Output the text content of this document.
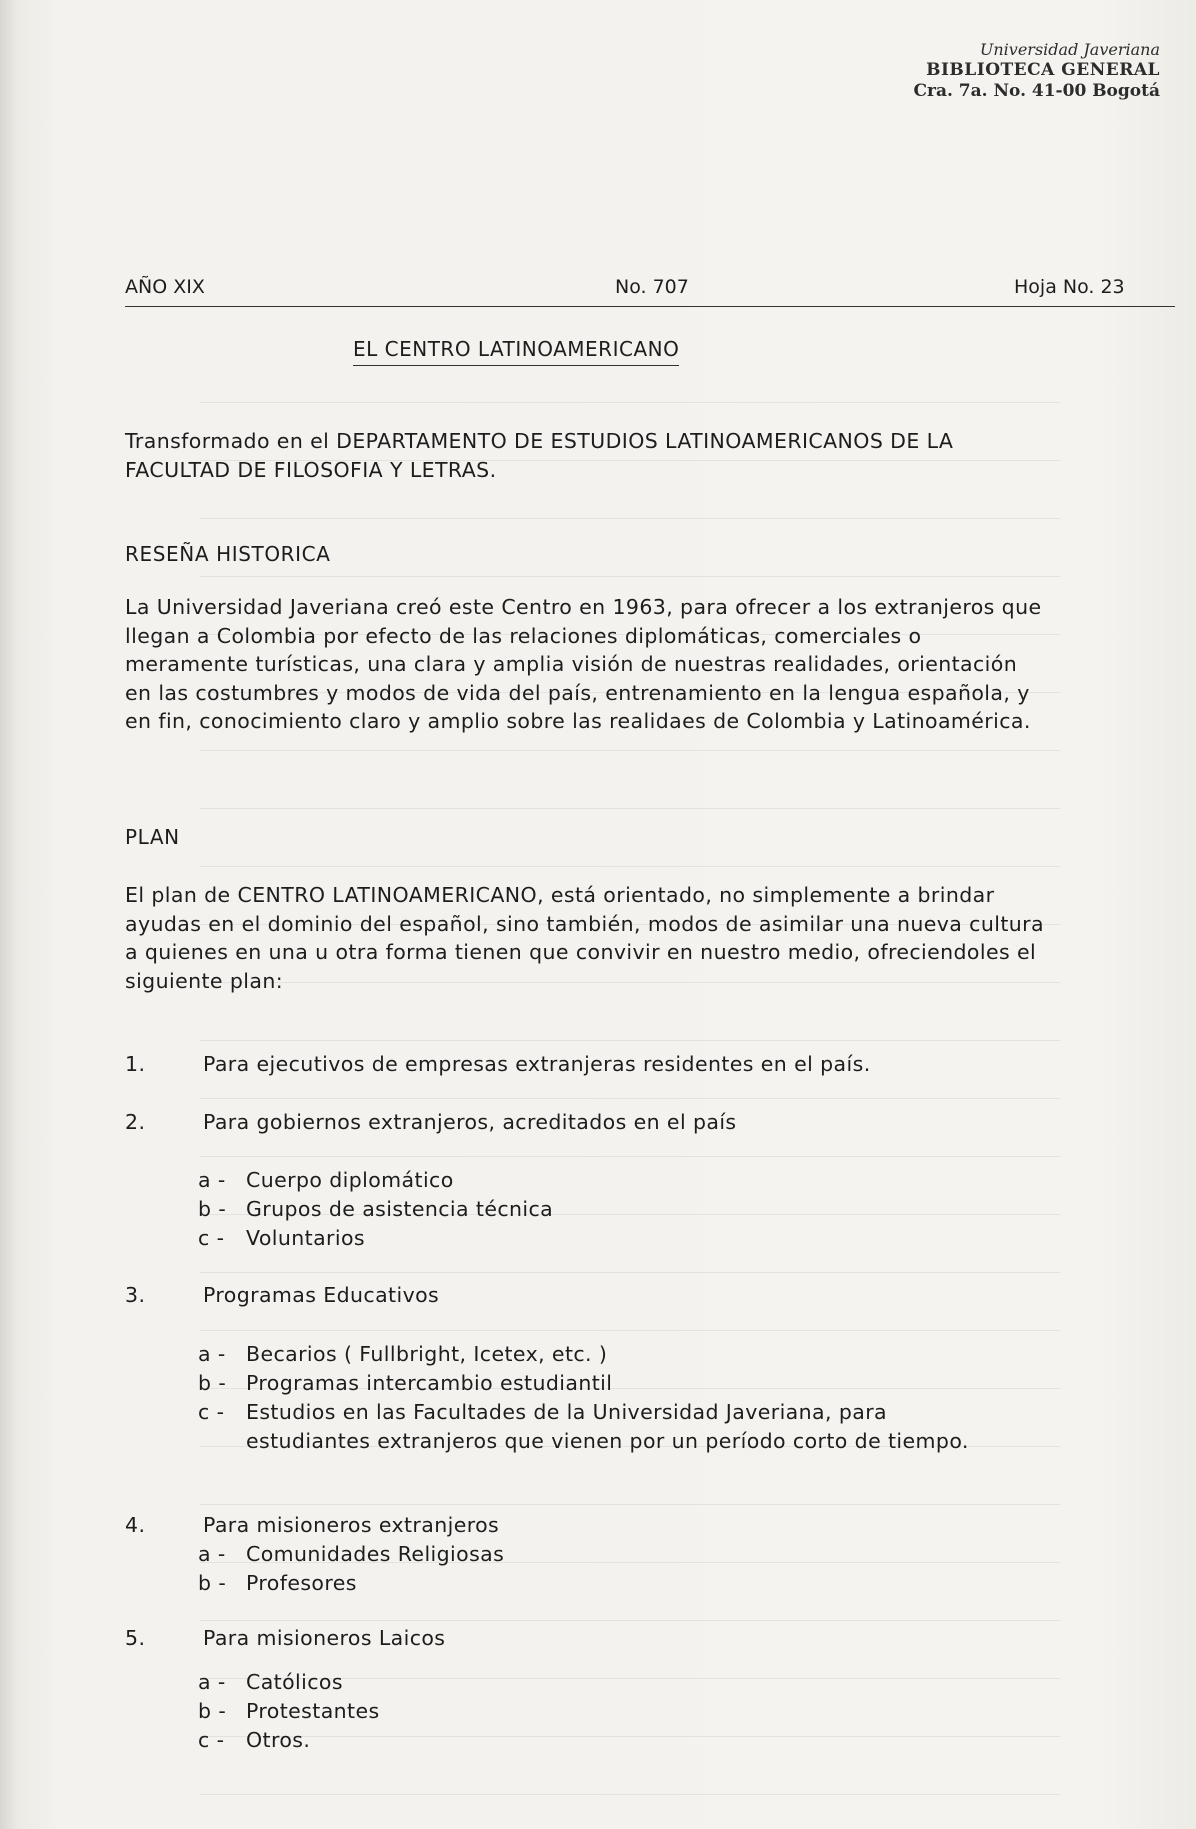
Universidad Javeriana
BIBLIOTECA GENERAL
Cra. 7a. No. 41-00 Bogotá
AÑO XIX	No. 707	Hoja No. 23
EL CENTRO LATINOAMERICANO
Transformado en el DEPARTAMENTO DE ESTUDIOS LATINOAMERICANOS DE LA FACULTAD DE FILOSOFIA Y LETRAS.
RESEÑA HISTORICA
La Universidad Javeriana creó este Centro en 1963, para ofrecer a los extranjeros que llegan a Colombia por efecto de las relaciones diplomáticas, comerciales o meramente turísticas, una clara y amplia visión de nuestras realidades, orientación en las costumbres y modos de vida del país, entrenamiento en la lengua española, y en fin, conocimiento claro y amplio sobre las realidaes de Colombia y Latinoamérica.
PLAN
El plan de CENTRO LATINOAMERICANO, está orientado, no simplemente a brindar ayudas en el dominio del español, sino también, modos de asimilar una nueva cultura a quienes en una u otra forma tienen que convivir en nuestro medio, ofreciendoles el siguiente plan:
1.	Para ejecutivos de empresas extranjeras residentes en el país.
2.	Para gobiernos extranjeros, acreditados en el país
a - Cuerpo diplomático
b - Grupos de asistencia técnica
c - Voluntarios
3.	Programas Educativos
a - Becarios ( Fullbright, Icetex, etc. )
b - Programas intercambio estudiantil
c -	Estudios en las Facultades de la Universidad Javeriana, para estudiantes extranjeros que vienen por un período corto de tiempo.
4.	Para misioneros extranjeros
a - Comunidades Religiosas
b - Profesores
5.	Para misioneros Laicos
a - Católicos
b - Protestantes
c - Otros.
